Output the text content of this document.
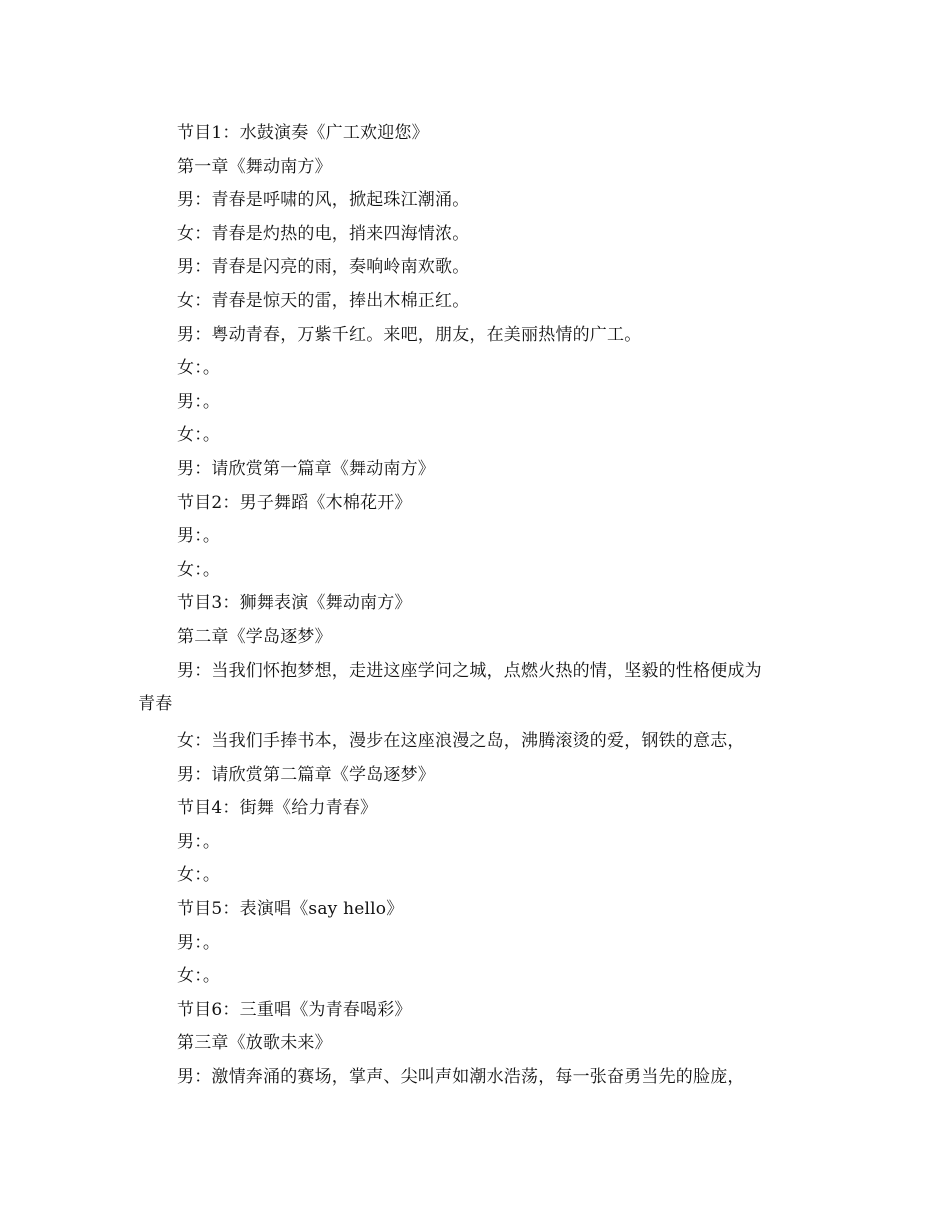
节目1：水鼓演奏《广工欢迎您》
第一章《舞动南方》
男：青春是呼啸的风，掀起珠江潮涌。
女：青春是灼热的电，捎来四海情浓。
男：青春是闪亮的雨，奏响岭南欢歌。
女：青春是惊天的雷，捧出木棉正红。
男：粤动青春，万紫千红。来吧，朋友，在美丽热情的广工。
女：。
男：。
女：。
男：请欣赏第一篇章《舞动南方》
节目2：男子舞蹈《木棉花开》
男：。
女：。
节目3：狮舞表演《舞动南方》
第二章《学岛逐梦》
男：当我们怀抱梦想，走进这座学问之城，点燃火热的情，坚毅的性格便成为
青春
女：当我们手捧书本，漫步在这座浪漫之岛，沸腾滚烫的爱，钢铁的意志，
男：请欣赏第二篇章《学岛逐梦》
节目4：街舞《给力青春》
男：。
女：。
节目5：表演唱《say hello》
男：。
女：。
节目6：三重唱《为青春喝彩》
第三章《放歌未来》
男：激情奔涌的赛场，掌声、尖叫声如潮水浩荡，每一张奋勇当先的脸庞，
